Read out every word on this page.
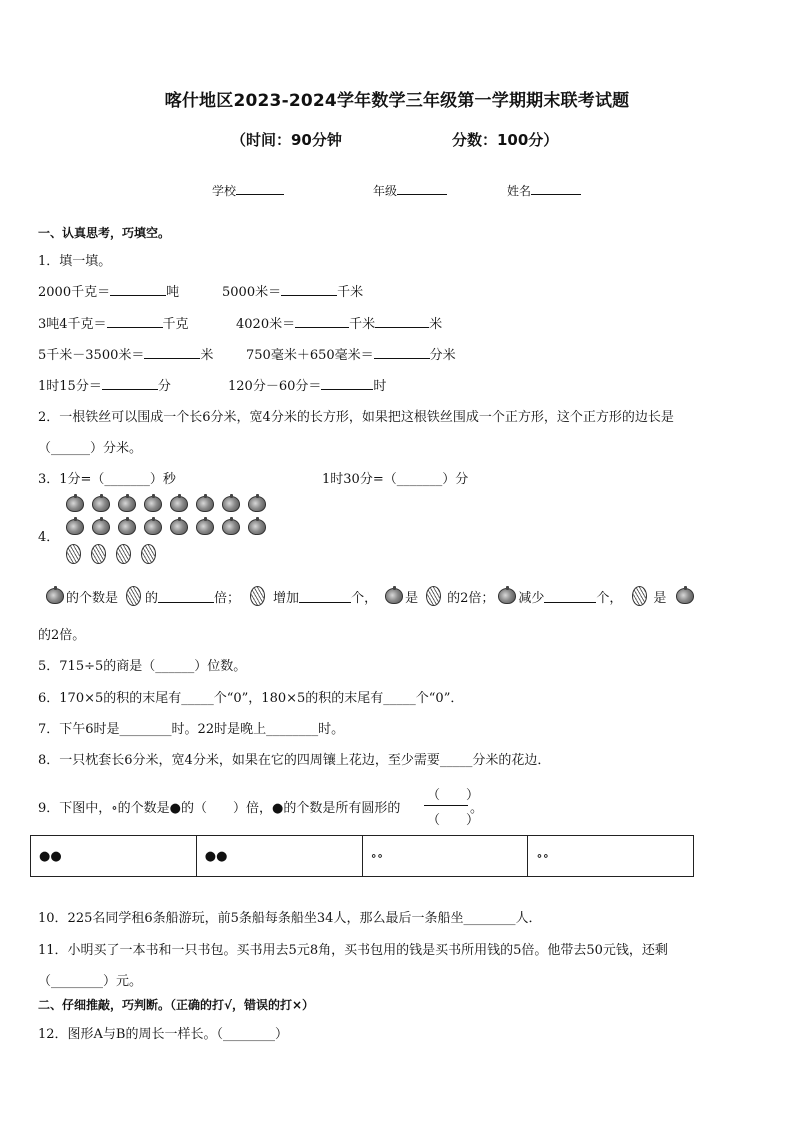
喀什地区2023-2024学年数学三年级第一学期期末联考试题
（时间：90分钟	分数：100分）
学校	年级	姓名
一、认真思考，巧填空。
1．填一填。
2000千克＝	吨	5000米＝	千米
3吨4千克＝	千克	4020米＝	千米	米
5千米－3500米＝	米	750毫米＋650毫米＝	分米
1时15分＝	分	120分－60分＝	时
2．一根铁丝可以围成一个长6分米，宽4分米的长方形，如果把这根铁丝围成一个正方形，这个正方形的边长是
（______）分米。
3．1分=（_______）秒	1时30分=（_______）分
4．
的个数是 的	倍；	增加	个， 是 的2倍； 减少	个， 是
的2倍。
5．715÷5的商是（______）位数。
6．170×5的积的末尾有_____个“0”，180×5的积的末尾有_____个“0”．
7．下午6时是________时。22时是晚上________时。
8．一只枕套长6分米，宽4分米，如果在它的四周镶上花边，至少需要_____分米的花边．
9．下图中，∘的个数是●的（　　）倍，●的个数是所有圆形的
（　　）
（　　）
。
●●	●●	∘∘	∘∘
10．225名同学租6条船游玩，前5条船每条船坐34人，那么最后一条船坐________人．
11．小明买了一本书和一只书包。买书用去5元8角，买书包用的钱是买书所用钱的5倍。他带去50元钱，还剩
（________）元。
二、仔细推敲，巧判断。（正确的打√，错误的打×）
12．图形A与B的周长一样长。（________）
